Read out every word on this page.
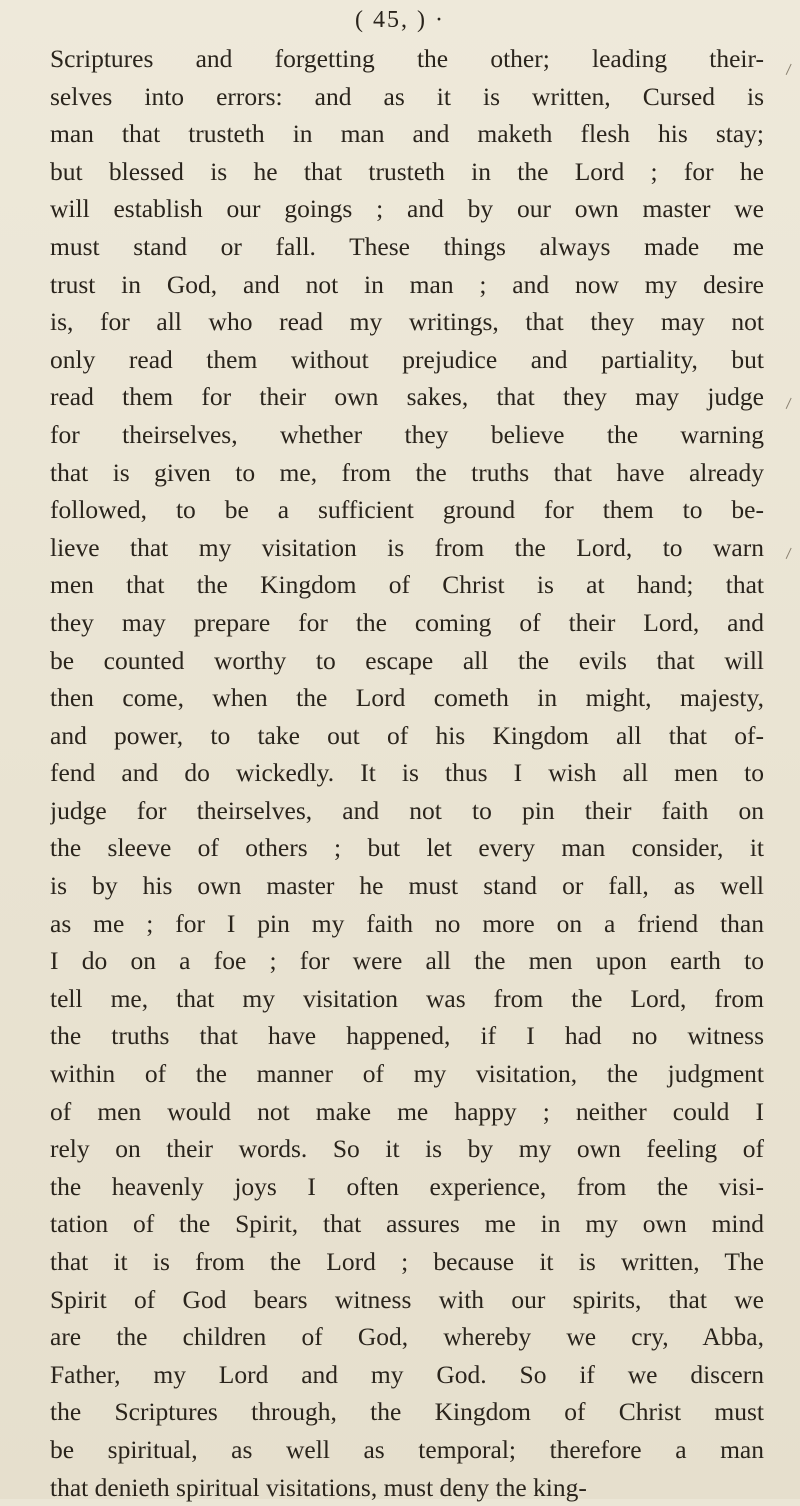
( 45, ) ·
Scriptures and forgetting the other; leading their-
selves into errors: and as it is written, Cursed is
man that trusteth in man and maketh flesh his stay;
but blessed is he that trusteth in the Lord ; for he
will establish our goings ; and by our own master we
must stand or fall. These things always made me
trust in God, and not in man ; and now my desire
is, for all who read my writings, that they may not
only read them without prejudice and partiality, but
read them for their own sakes, that they may judge
for theirselves, whether they believe the warning
that is given to me, from the truths that have already
followed, to be a sufficient ground for them to be-
lieve that my visitation is from the Lord, to warn
men that the Kingdom of Christ is at hand; that
they may prepare for the coming of their Lord, and
be counted worthy to escape all the evils that will
then come, when the Lord cometh in might, majesty,
and power, to take out of his Kingdom all that of-
fend and do wickedly. It is thus I wish all men to
judge for theirselves, and not to pin their faith on
the sleeve of others ; but let every man consider, it
is by his own master he must stand or fall, as well
as me ; for I pin my faith no more on a friend than
I do on a foe ; for were all the men upon earth to
tell me, that my visitation was from the Lord, from
the truths that have happened, if I had no witness
within of the manner of my visitation, the judgment
of men would not make me happy ; neither could I
rely on their words. So it is by my own feeling of
the heavenly joys I often experience, from the visi-
tation of the Spirit, that assures me in my own mind
that it is from the Lord ; because it is written, The
Spirit of God bears witness with our spirits, that we
are the children of God, whereby we cry, Abba,
Father, my Lord and my God. So if we discern
the Scriptures through, the Kingdom of Christ must
be spiritual, as well as temporal; therefore a man
that denieth spiritual visitations, must deny the king-
